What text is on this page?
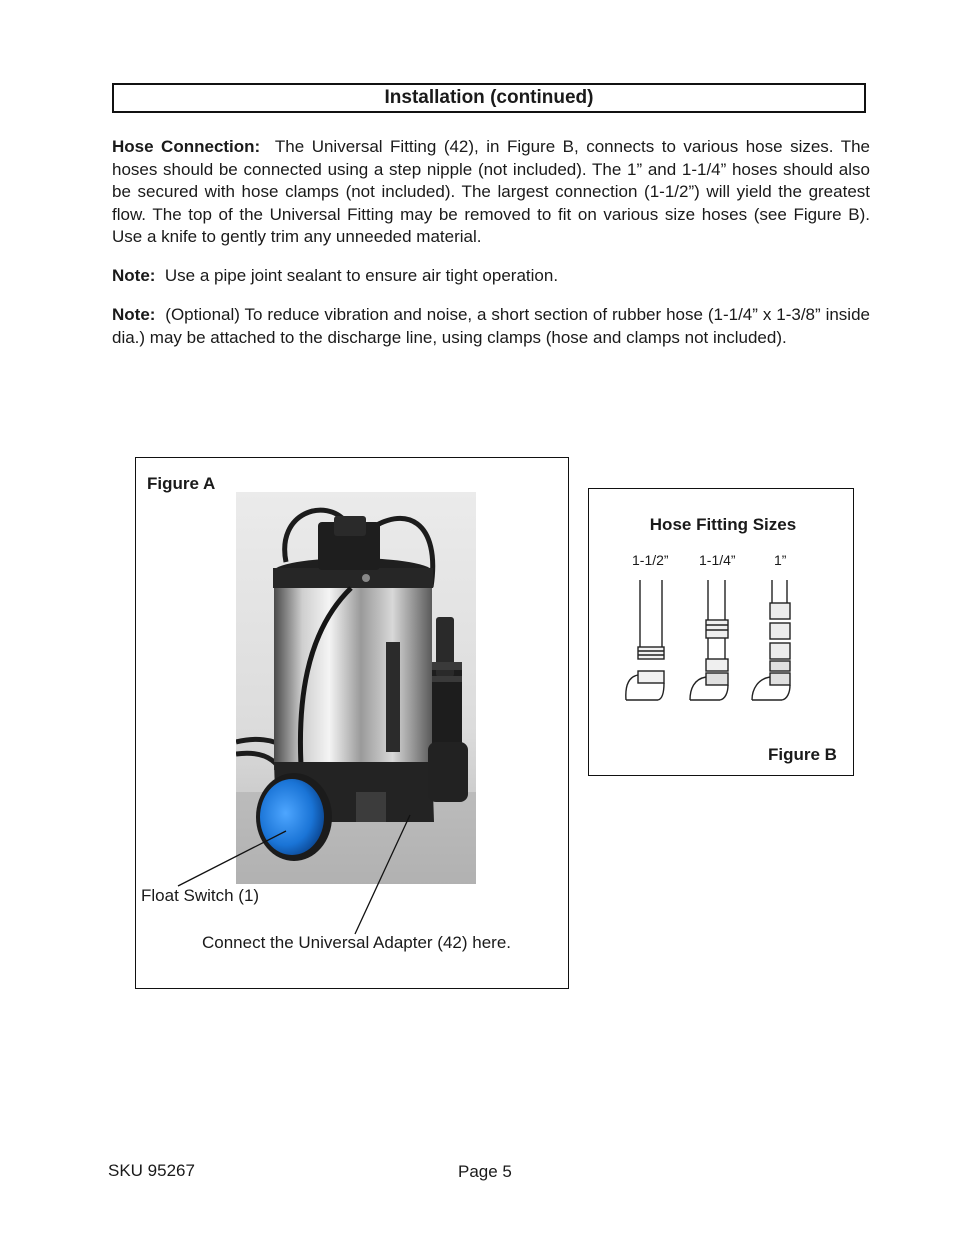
Installation (continued)

Hose Connection: The Universal Fitting (42), in Figure B, connects to various hose sizes. The hoses should be connected using a step nipple (not included). The 1” and 1-1/4” hoses should also be secured with hose clamps (not included). The largest connection (1-1/2”) will yield the greatest flow. The top of the Universal Fitting may be removed to fit on various size hoses (see Figure B). Use a knife to gently trim any unneeded material.

Note: Use a pipe joint sealant to ensure air tight operation.

Note: (Optional) To reduce vibration and noise, a short section of rubber hose (1-1/4” x 1-3/8” inside dia.) may be attached to the discharge line, using clamps (hose and clamps not included).

Figure A
Float Switch (1)
Connect the Universal Adapter (42) here.
Hose Fitting Sizes
1-1/2” 1-1/4”	1”
Figure B
SKU 95267	Page 5
